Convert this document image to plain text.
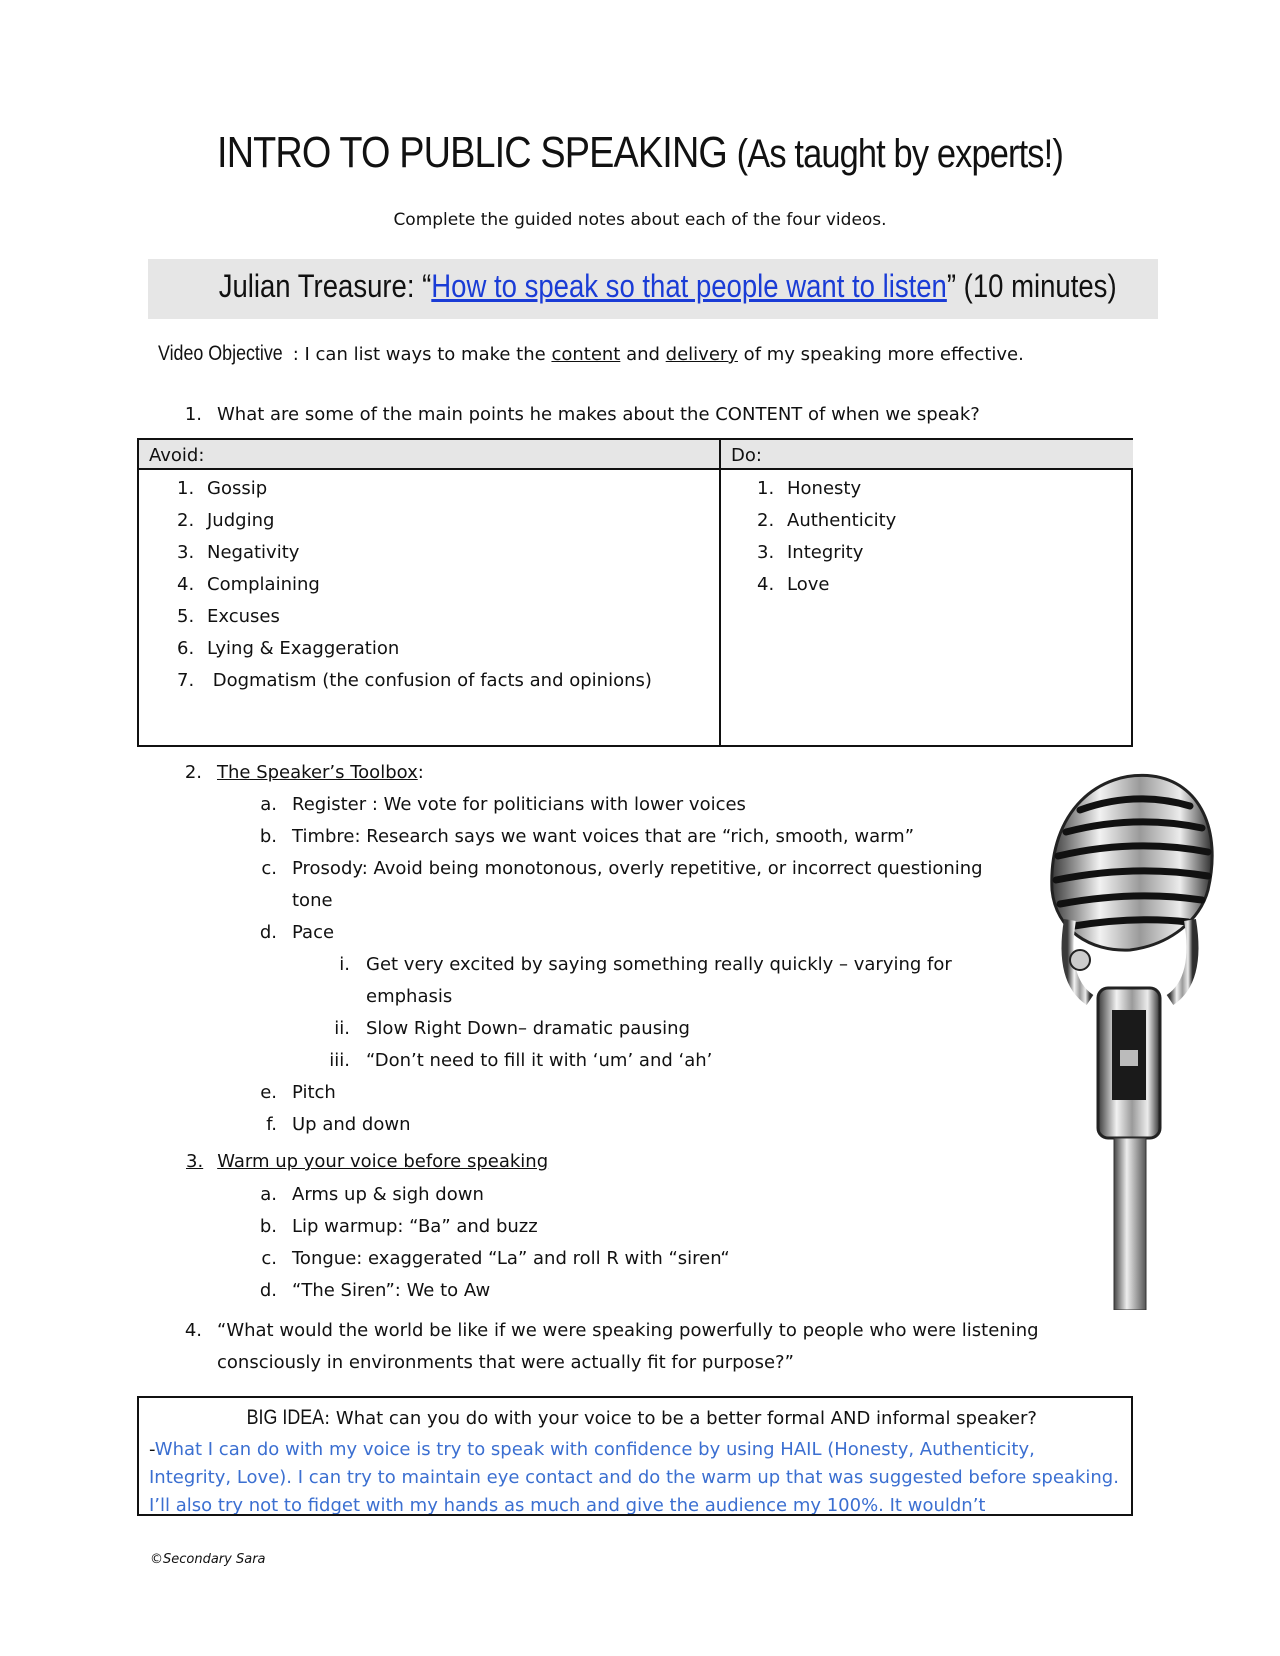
INTRO TO PUBLIC SPEAKING (As taught by experts!)
Complete the guided notes about each of the four videos.
Julian Treasure: “How to speak so that people want to listen” (10 minutes)
Video Objective : I can list ways to make the content and delivery of my speaking more effective.
1. What are some of the main points he makes about the CONTENT of when we speak?
Avoid:	Do:
1. Gossip
2. Judging
3. Negativity
4. Complaining
5. Excuses
6. Lying & Exaggeration
7. Dogmatism (the confusion of facts and opinions)
1. Honesty
2. Authenticity
3. Integrity
4. Love
2. The Speaker’s Toolbox:
a. Register : We vote for politicians with lower voices
b. Timbre: Research says we want voices that are “rich, smooth, warm”
c. Prosody: Avoid being monotonous, overly repetitive, or incorrect questioning
tone
d. Pace
i. Get very excited by saying something really quickly – varying for
emphasis
ii. Slow Right Down– dramatic pausing
iii. “Don’t need to fill it with ‘um’ and ‘ah’
e. Pitch
f. Up and down
3. Warm up your voice before speaking
a. Arms up & sigh down
b. Lip warmup: “Ba” and buzz
c. Tongue: exaggerated “La” and roll R with “siren“
d. “The Siren”: We to Aw
4. “What would the world be like if we were speaking powerfully to people who were listening
consciously in environments that were actually fit for purpose?”
BIG IDEA: What can you do with your voice to be a better formal AND informal speaker?
-What I can do with my voice is try to speak with confidence by using HAIL (Honesty, Authenticity, Integrity, Love). I can try to maintain eye contact and do the warm up that was suggested before speaking. I’ll also try not to fidget with my hands as much and give the audience my 100%. It wouldn’t
©Secondary Sara
